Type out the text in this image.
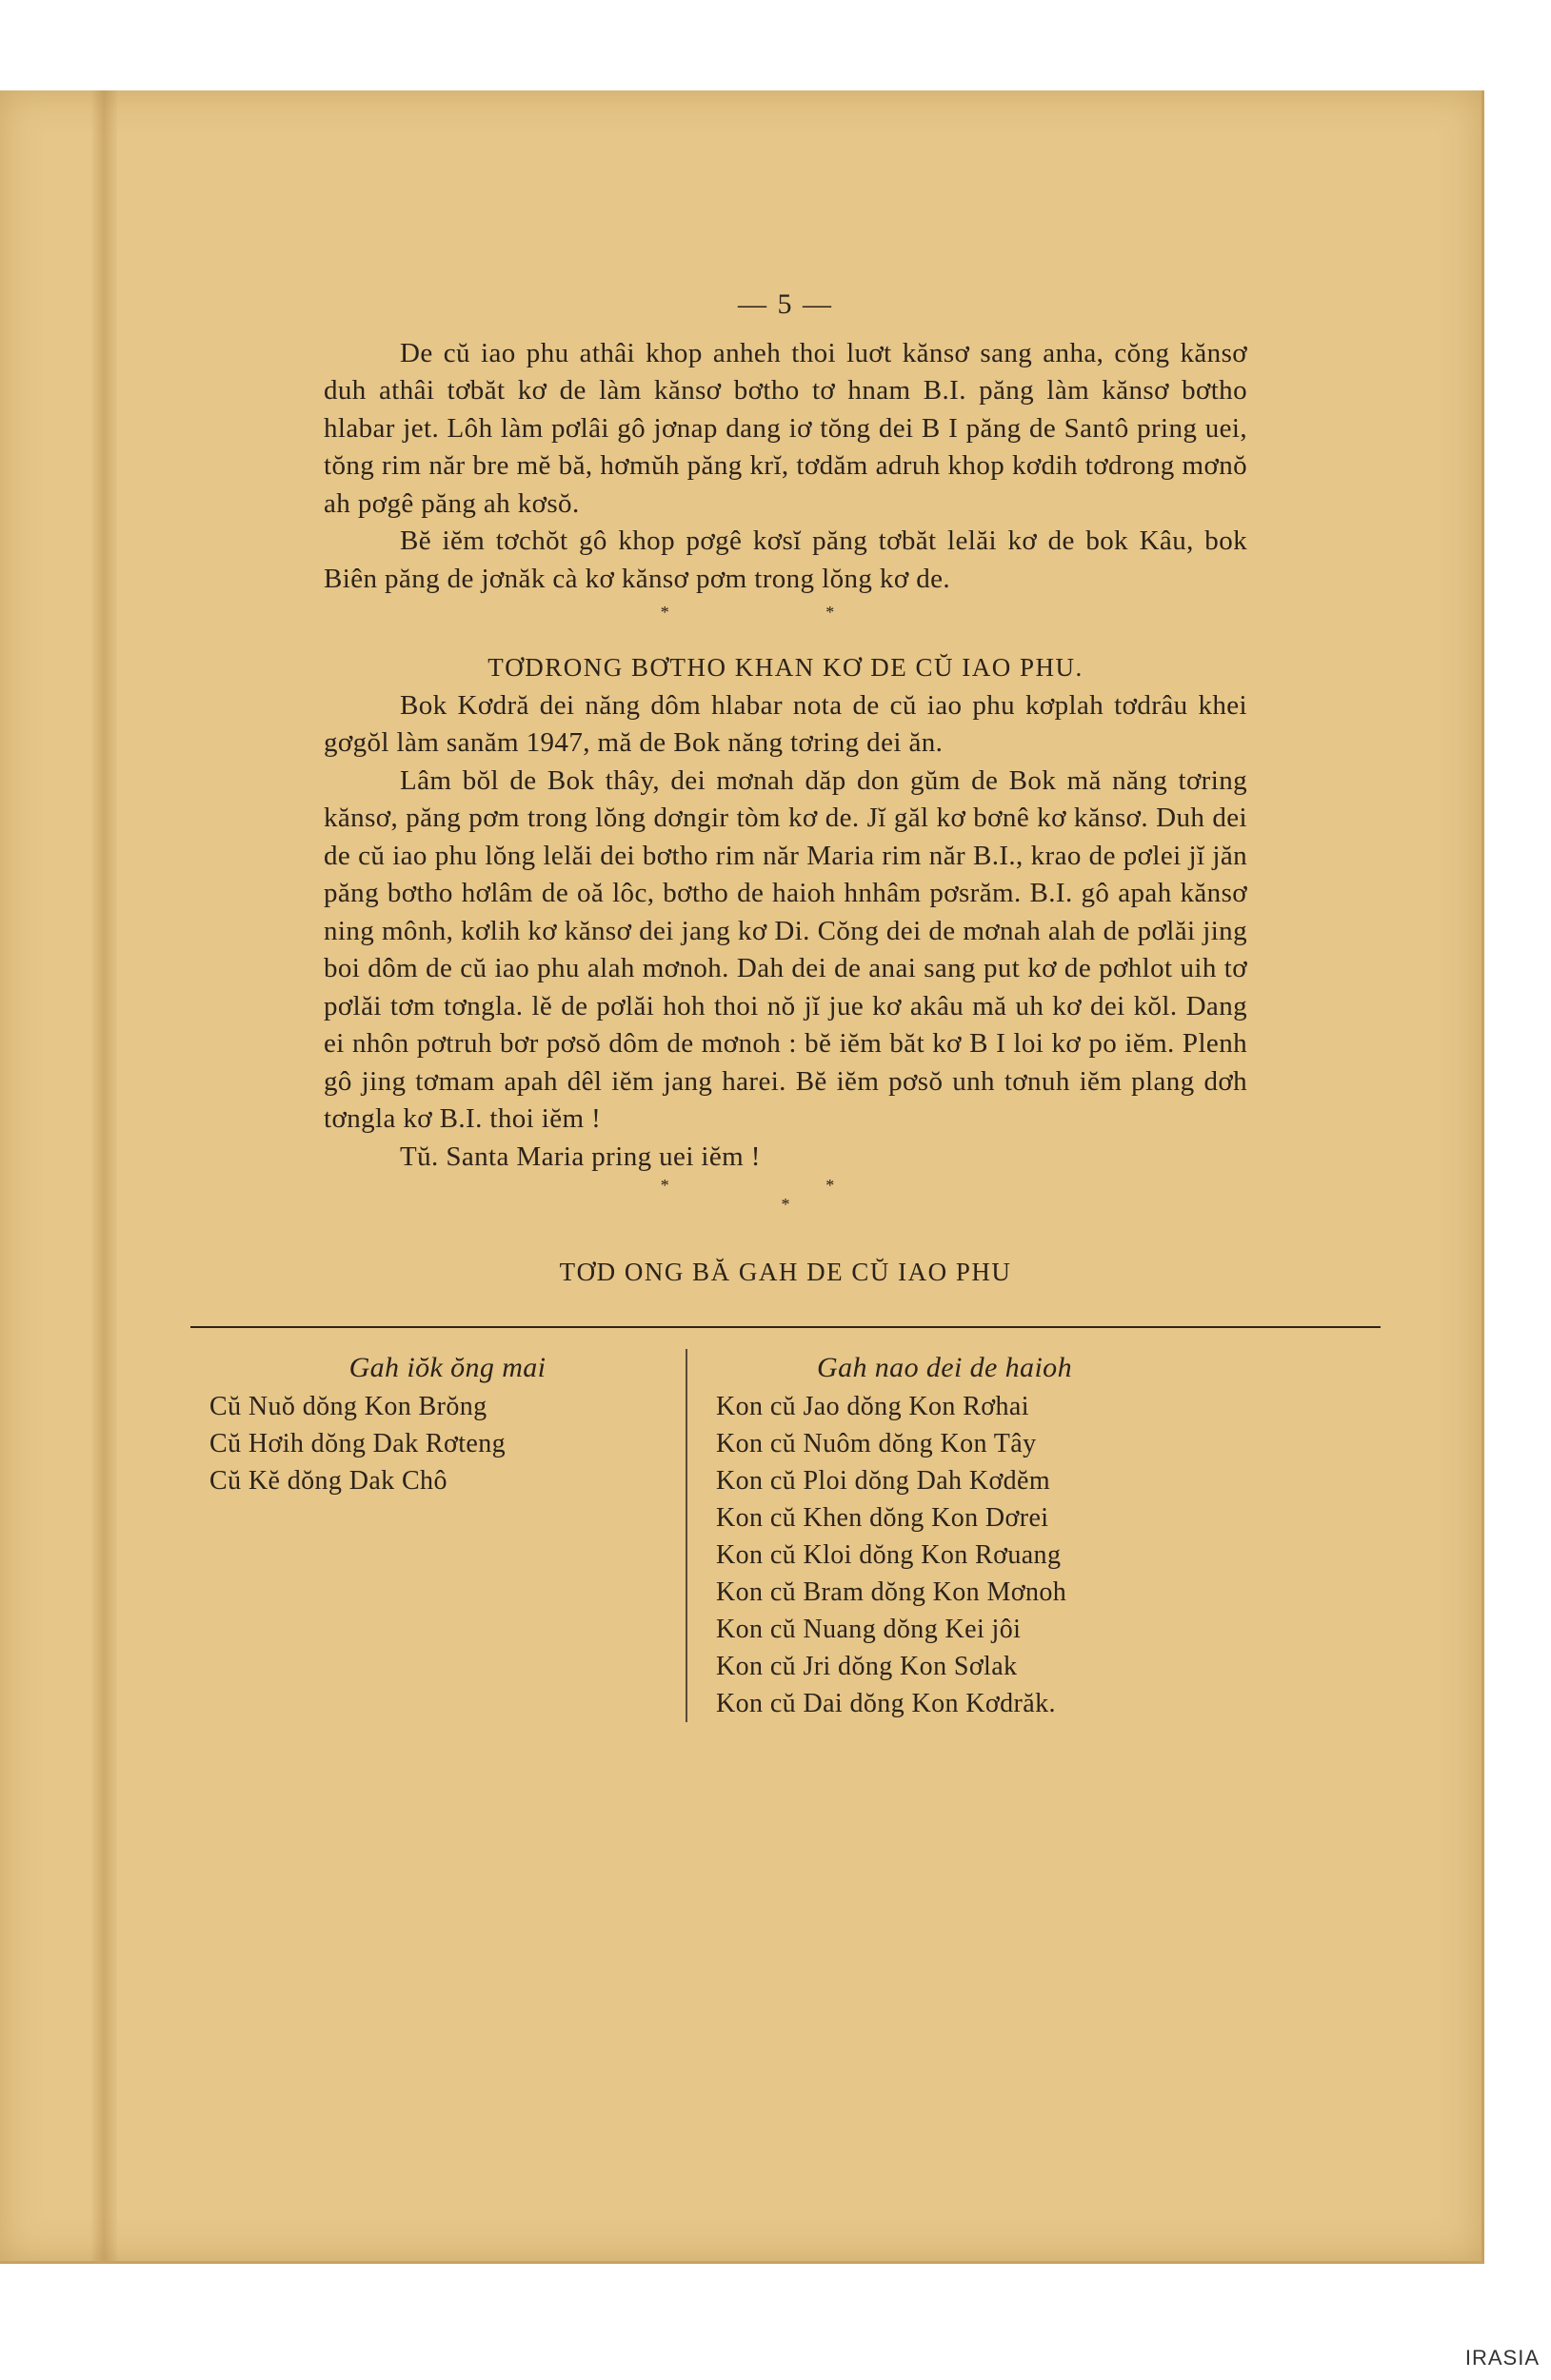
— 5 —

De cŭ iao phu athâi khop anheh thoi luơt kănsơ sang anha, cŏng kănsơ duh athâi tơbăt kơ de làm kănsơ bơtho tơ hnam B.I. păng làm kănsơ bơtho hlabar jet. Lôh làm pơlâi gô jơnap dang iơ tŏng dei B I păng de Santô pring uei, tŏng rim năr bre mĕ bă, hơmŭh păng krĭ, tơdăm adruh khop kơdih tơdrong mơnŏ ah pơgê păng ah kơsŏ.

Bĕ iĕm tơchŏt gô khop pơgê kơsĭ păng tơbăt lelăi kơ de bok Kâu, bok Biên păng de jơnăk cà kơ kănsơ pơm trong lŏng kơ de.

* *
TƠDRONG BƠTHO KHAN KƠ DE CŬ IAO PHU.

Bok Kơdră dei năng dôm hlabar nota de cŭ iao phu kơplah tơdrâu khei gơgŏl làm sanăm 1947, mă de Bok năng tơring dei ăn.

Lâm bŏl de Bok thây, dei mơnah dăp don gŭm de Bok mă năng tơring kănsơ, păng pơm trong lŏng dơngir tòm kơ de. Jĭ găl kơ bơnê kơ kănsơ. Duh dei de cŭ iao phu lŏng lelăi dei bơtho rim năr Maria rim năr B.I., krao de pơlei jĭ jăn păng bơtho hơlâm de oă lôc, bơtho de haioh hnhâm pơsrăm. B.I. gô apah kănsơ ning mônh, kơlih kơ kănsơ dei jang kơ Di. Cŏng dei de mơnah alah de pơlăi jing boi dôm de cŭ iao phu alah mơnoh. Dah dei de anai sang put kơ de pơhlot uih tơ pơlăi tơm tơngla. lĕ de pơlăi hoh thoi nŏ jĭ jue kơ akâu mă uh kơ dei kŏl. Dang ei nhôn pơtruh bơr pơsŏ dôm de mơnoh : bĕ iĕm băt kơ B I loi kơ po iĕm. Plenh gô jing tơmam apah dêl iĕm jang harei. Bĕ iĕm pơsŏ unh tơnuh iĕm plang dơh tơngla kơ B.I. thoi iĕm !

Tŭ. Santa Maria pring uei iĕm !

* *
*
TƠD ONG BĂ GAH DE CŬ IAO PHU
Gah iŏk ŏng mai
Cŭ Nuŏ dŏng Kon Brŏng
Cŭ Hơih dŏng Dak Rơteng
Cŭ Kĕ dŏng Dak Chô
Gah nao dei de haioh
Kon cŭ Jao dŏng Kon Rơhai
Kon cŭ Nuôm dŏng Kon Tây
Kon cŭ Ploi dŏng Dah Kơdĕm
Kon cŭ Khen dŏng Kon Dơrei
Kon cŭ Kloi dŏng Kon Rơuang
Kon cŭ Bram dŏng Kon Mơnoh
Kon cŭ Nuang dŏng Kei jôi
Kon cŭ Jri dŏng Kon Sơlak
Kon cŭ Dai dŏng Kon Kơdrăk.
IRASIA
